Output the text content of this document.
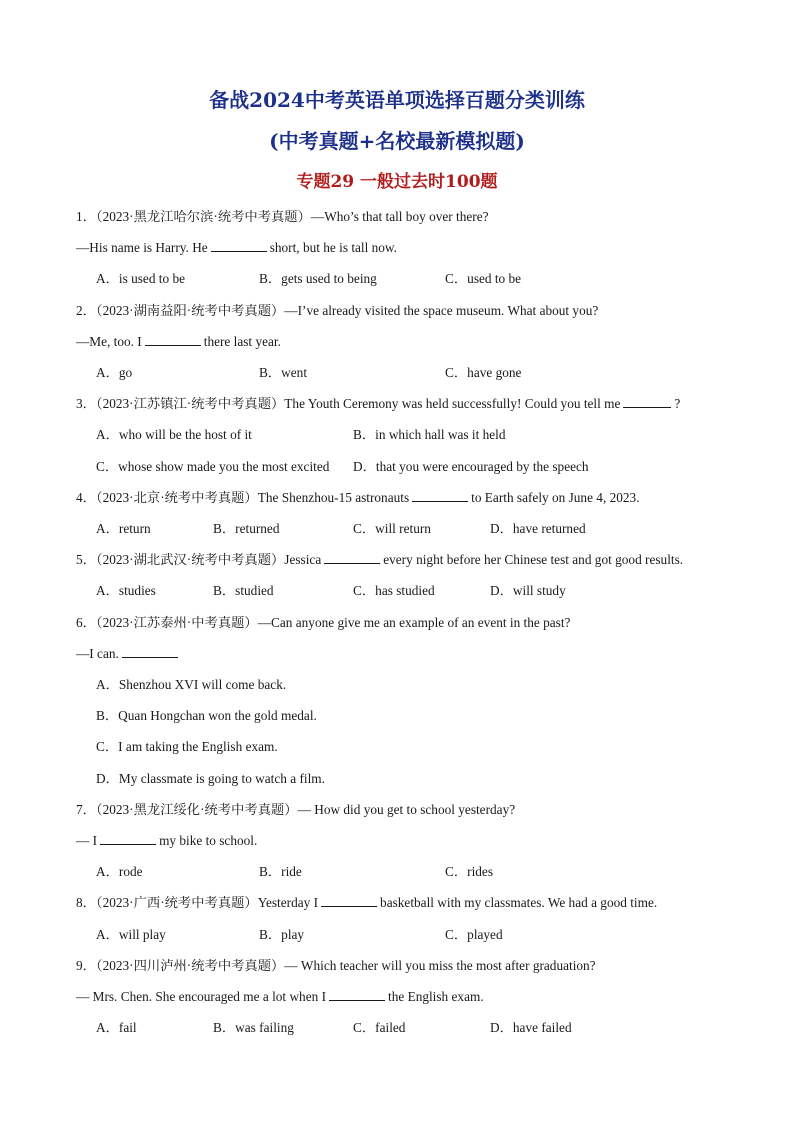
备战2024中考英语单项选择百题分类训练
(中考真题+名校最新模拟题)
专题29 一般过去时100题
1．（2023·黑龙江哈尔滨·统考中考真题）—Who’s that tall boy over there?
—His name is Harry. He	short, but he is tall now.
A．is used to be	B．gets used to being	C．used to be
2．（2023·湖南益阳·统考中考真题）—I’ve already visited the space museum. What about you?
—Me, too. I	there last year.
A．go	B．went	C．have gone
3．（2023·江苏镇江·统考中考真题）The Youth Ceremony was held successfully! Could you tell me	?
A．who will be the host of it	B．in which hall was it held
C．whose show made you the most excited D．that you were encouraged by the speech
4．（2023·北京·统考中考真题）The Shenzhou-15 astronauts	to Earth safely on June 4, 2023.
A．return	B．returned	C．will return	D．have returned
5．（2023·湖北武汉·统考中考真题）Jessica	every night before her Chinese test and got good results.
A．studies	B．studied	C．has studied	D．will study
6．（2023·江苏泰州·中考真题）—Can anyone give me an example of an event in the past?
—I can.
A．Shenzhou XVI will come back.
B．Quan Hongchan won the gold medal.
C．I am taking the English exam.
D．My classmate is going to watch a film.
7．（2023·黑龙江绥化·统考中考真题）— How did you get to school yesterday?
— I	my bike to school.
A．rode	B．ride	C．rides
8．（2023·广西·统考中考真题）Yesterday I	basketball with my classmates. We had a good time.
A．will play	B．play	C．played
9．（2023·四川泸州·统考中考真题）— Which teacher will you miss the most after graduation?
— Mrs. Chen. She encouraged me a lot when I	the English exam.
A．fail	B．was failing	C．failed	D．have failed
